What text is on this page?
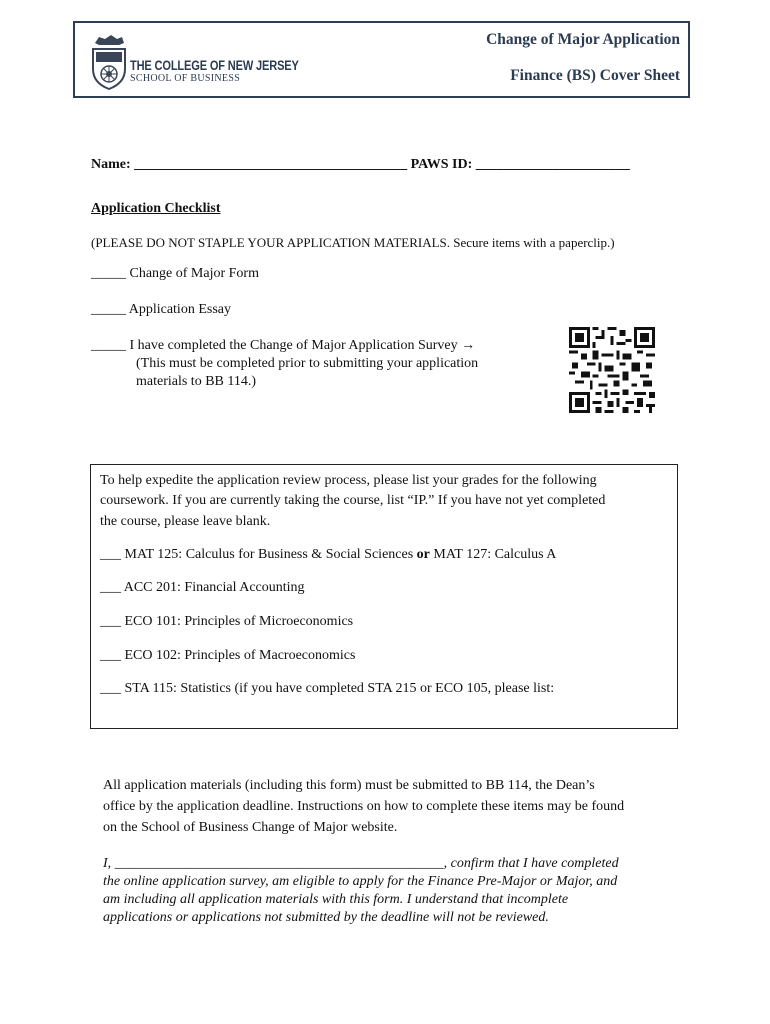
THE COLLEGE OF NEW JERSEY
SCHOOL OF BUSINESS
Change of Major Application
Finance (BS) Cover Sheet
Name: _______________________________________ PAWS ID: ______________________
Application Checklist
(PLEASE DO NOT STAPLE YOUR APPLICATION MATERIALS. Secure items with a paperclip.)
_____ Change of Major Form
_____ Application Essay
_____ I have completed the Change of Major Application Survey →
(This must be completed prior to submitting your application
materials to BB 114.)
To help expedite the application review process, please list your grades for the following
coursework. If you are currently taking the course, list “IP.” If you have not yet completed
the course, please leave blank.
___ MAT 125: Calculus for Business & Social Sciences or MAT 127: Calculus A
___ ACC 201: Financial Accounting
___ ECO 101: Principles of Microeconomics
___ ECO 102: Principles of Macroeconomics
___ STA 115: Statistics (if you have completed STA 215 or ECO 105, please list:
All application materials (including this form) must be submitted to BB 114, the Dean’s
office by the application deadline. Instructions on how to complete these items may be found
on the School of Business Change of Major website.
I, _______________________________________________, confirm that I have completed
the online application survey, am eligible to apply for the Finance Pre-Major or Major, and
am including all application materials with this form. I understand that incomplete
applications or applications not submitted by the deadline will not be reviewed.
